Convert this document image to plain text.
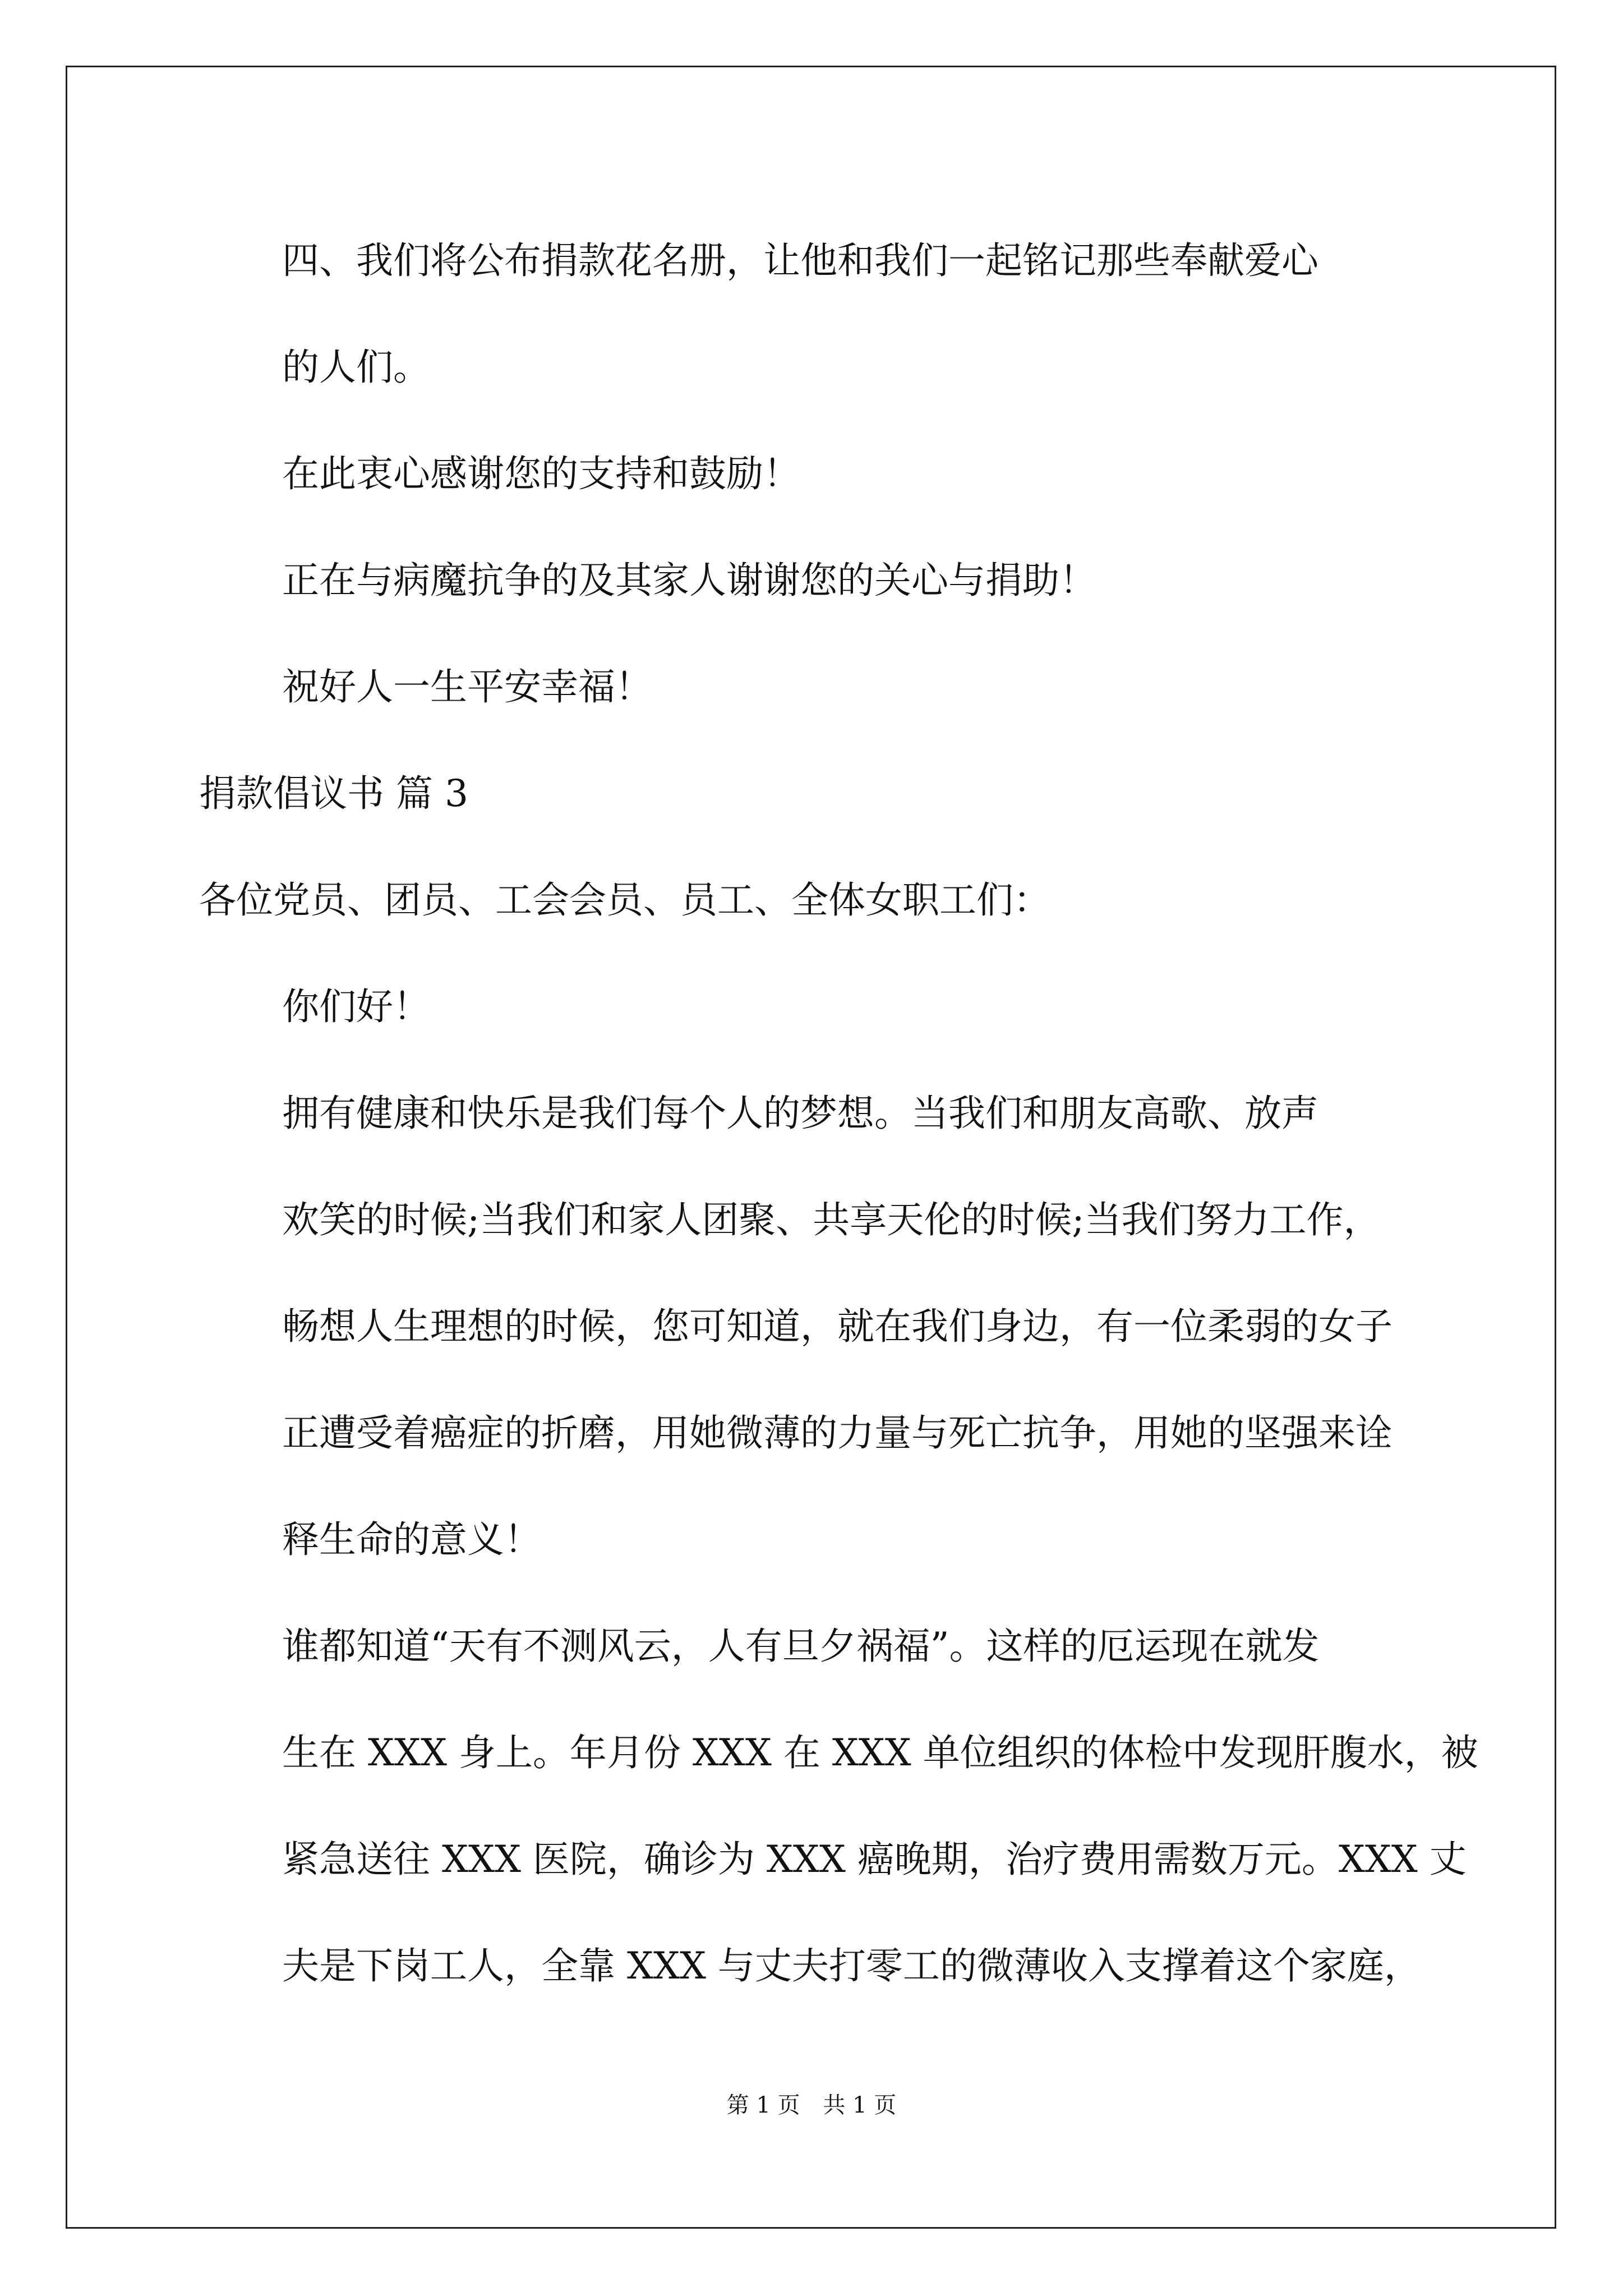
四、我们将公布捐款花名册，让他和我们一起铭记那些奉献爱心
的人们。

在此衷心感谢您的支持和鼓励！

正在与病魔抗争的及其家人谢谢您的关心与捐助！

祝好人一生平安幸福！

捐款倡议书 篇 3

各位党员、团员、工会会员、员工、全体女职工们：

你们好！

拥有健康和快乐是我们每个人的梦想。当我们和朋友高歌、放声
欢笑的时候;当我们和家人团聚、共享天伦的时候;当我们努力工作，
畅想人生理想的时候，您可知道，就在我们身边，有一位柔弱的女子
正遭受着癌症的折磨，用她微薄的力量与死亡抗争，用她的坚强来诠
释生命的意义！

谁都知道“天有不测风云，人有旦夕祸福”。这样的厄运现在就发
生在 XXX 身上。年月份 XXX 在 XXX 单位组织的体检中发现肝腹水，被
紧急送往 XXX 医院，确诊为 XXX 癌晚期，治疗费用需数万元。XXX 丈
夫是下岗工人，全靠 XXX 与丈夫打零工的微薄收入支撑着这个家庭，

第 1 页 共 1 页
